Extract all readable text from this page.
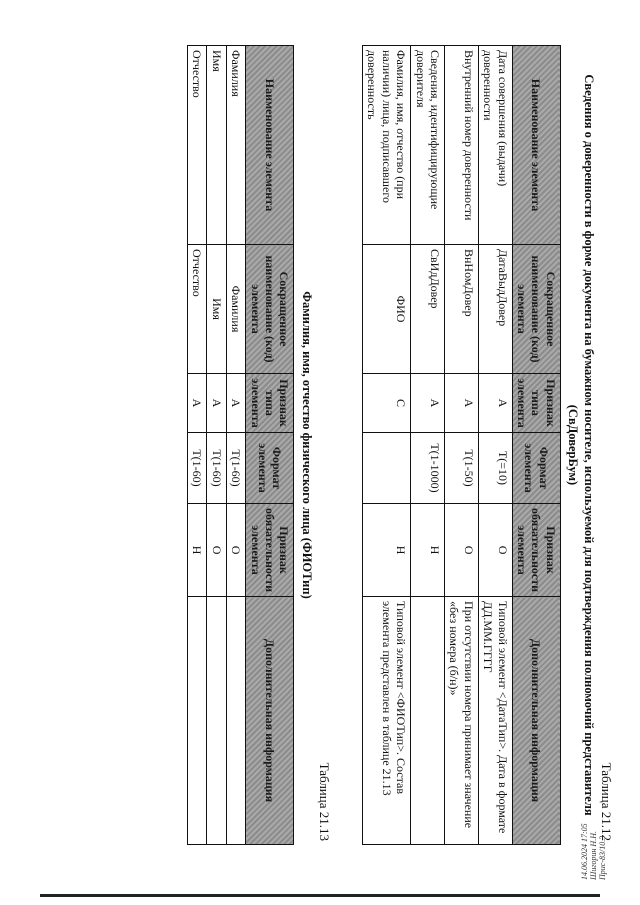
Таблица 21.12
Сведения о доверенности в форме документа на бумажном носителе, используемой для подтверждения полномочий представителя (СвДоверБум)
Наименование элемента	Сокращенное наименование (код) элемента	Признак типа элемента	Формат элемента	Признак обязательности элемента	Дополнительная информация
Дата совершения (выдачи) доверенности	ДатаВыдДовер	А	T(=10)	О	Типовой элемент <ДатаТип>. Дата в формате ДД.ММ.ГГГГ
Внутренний номер доверенности	ВнНомДовер	А	T(1-50)	О	При отсутствии номера принимает значение «без номера (б/н)»
Сведения, идентифицирующие доверителя	СвИдДовер	А	T(1-1000)	Н	
Фамилия, имя, отчество (при наличии) лица, подписавшего доверенность	ФИО	С		Н	Типовой элемент <ФИОТип>. Состав элемента представлен в таблице 21.13
Таблица 21.13
Фамилия, имя, отчество физического лица (ФИОТип)
Наименование элемента	Сокращенное наименование (код) элемента	Признак типа элемента	Формат элемента	Признак обязательности элемента	Дополнительная информация
Фамилия	Фамилия	А	T(1-60)	О	
Имя	Имя	А	T(1-60)	О	
Отчество	Отчество	А	T(1-60)	Н	
14.06.2024 17:05 Шигорин Н.Н. Прис-83/10.3
